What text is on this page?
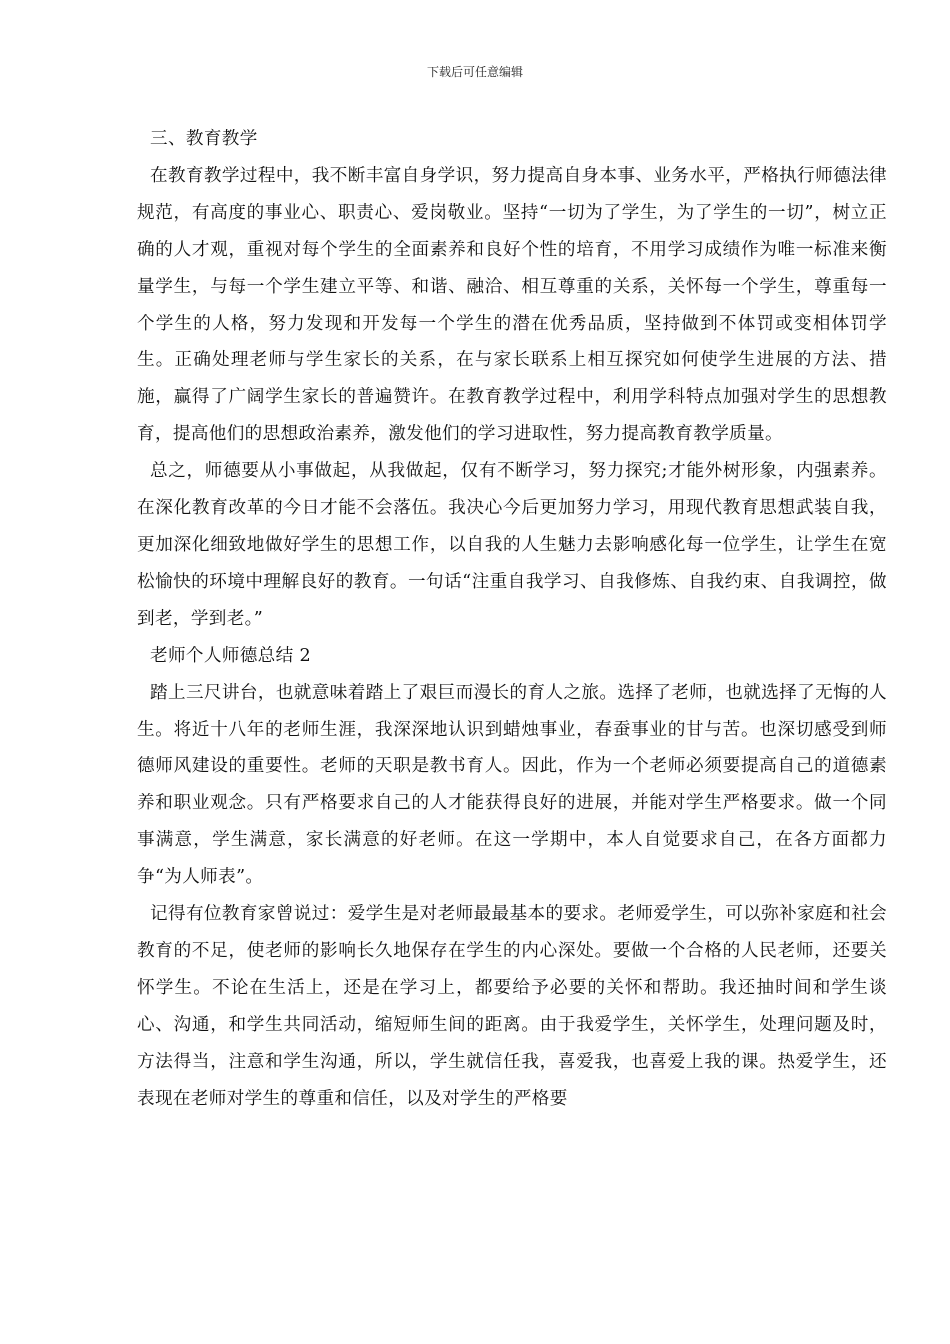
下载后可任意编辑

三、教育教学

在教育教学过程中，我不断丰富自身学识，努力提高自身本事、业务水平，严格执行师德法律规范，有高度的事业心、职责心、爱岗敬业。坚持“一切为了学生，为了学生的一切”，树立正确的人才观，重视对每个学生的全面素养和良好个性的培育，不用学习成绩作为唯一标准来衡量学生，与每一个学生建立平等、和谐、融洽、相互尊重的关系，关怀每一个学生，尊重每一个学生的人格，努力发现和开发每一个学生的潜在优秀品质，坚持做到不体罚或变相体罚学生。正确处理老师与学生家长的关系，在与家长联系上相互探究如何使学生进展的方法、措施，赢得了广阔学生家长的普遍赞许。在教育教学过程中，利用学科特点加强对学生的思想教育，提高他们的思想政治素养，激发他们的学习进取性，努力提高教育教学质量。

总之，师德要从小事做起，从我做起，仅有不断学习，努力探究;才能外树形象，内强素养。在深化教育改革的今日才能不会落伍。我决心今后更加努力学习，用现代教育思想武装自我，更加深化细致地做好学生的思想工作，以自我的人生魅力去影响感化每一位学生，让学生在宽松愉快的环境中理解良好的教育。一句话“注重自我学习、自我修炼、自我约束、自我调控，做到老，学到老。”

老师个人师德总结 2

踏上三尺讲台，也就意味着踏上了艰巨而漫长的育人之旅。选择了老师，也就选择了无悔的人生。将近十八年的老师生涯，我深深地认识到蜡烛事业，春蚕事业的甘与苦。也深切感受到师德师风建设的重要性。老师的天职是教书育人。因此，作为一个老师必须要提高自己的道德素养和职业观念。只有严格要求自己的人才能获得良好的进展，并能对学生严格要求。做一个同事满意，学生满意，家长满意的好老师。在这一学期中，本人自觉要求自己，在各方面都力争“为人师表”。

记得有位教育家曾说过：爱学生是对老师最最基本的要求。老师爱学生，可以弥补家庭和社会教育的不足，使老师的影响长久地保存在学生的内心深处。要做一个合格的人民老师，还要关怀学生。不论在生活上，还是在学习上，都要给予必要的关怀和帮助。我还抽时间和学生谈心、沟通，和学生共同活动，缩短师生间的距离。由于我爱学生，关怀学生，处理问题及时，方法得当，注意和学生沟通，所以，学生就信任我，喜爱我，也喜爱上我的课。热爱学生，还表现在老师对学生的尊重和信任，以及对学生的严格要
